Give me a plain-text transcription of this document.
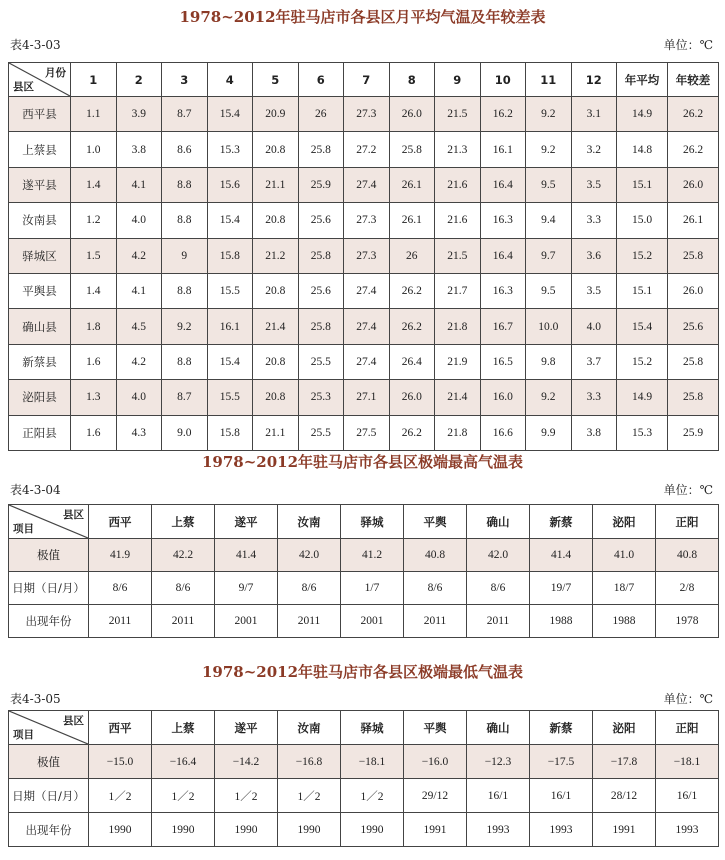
1978~2012年驻马店市各县区月平均气温及年较差表
表4-3-03	单位：℃
月份
县区	1	2	3	4	5	6	7	8	9	10	11	12	年平均	年较差
西平县	1.1	3.9	8.7	15.4	20.9	26	27.3	26.0	21.5	16.2	9.2	3.1	14.9	26.2
上蔡县	1.0	3.8	8.6	15.3	20.8	25.8	27.2	25.8	21.3	16.1	9.2	3.2	14.8	26.2
遂平县	1.4	4.1	8.8	15.6	21.1	25.9	27.4	26.1	21.6	16.4	9.5	3.5	15.1	26.0
汝南县	1.2	4.0	8.8	15.4	20.8	25.6	27.3	26.1	21.6	16.3	9.4	3.3	15.0	26.1
驿城区	1.5	4.2	9	15.8	21.2	25.8	27.3	26	21.5	16.4	9.7	3.6	15.2	25.8
平舆县	1.4	4.1	8.8	15.5	20.8	25.6	27.4	26.2	21.7	16.3	9.5	3.5	15.1	26.0
确山县	1.8	4.5	9.2	16.1	21.4	25.8	27.4	26.2	21.8	16.7	10.0	4.0	15.4	25.6
新蔡县	1.6	4.2	8.8	15.4	20.8	25.5	27.4	26.4	21.9	16.5	9.8	3.7	15.2	25.8
泌阳县	1.3	4.0	8.7	15.5	20.8	25.3	27.1	26.0	21.4	16.0	9.2	3.3	14.9	25.8
正阳县	1.6	4.3	9.0	15.8	21.1	25.5	27.5	26.2	21.8	16.6	9.9	3.8	15.3	25.9
1978~2012年驻马店市各县区极端最高气温表
表4-3-04	单位：℃
县区
项目	西平	上蔡	遂平	汝南	驿城	平舆	确山	新蔡	泌阳	正阳
极值	41.9	42.2	41.4	42.0	41.2	40.8	42.0	41.4	41.0	40.8
日期（日/月）	8/6	8/6	9/7	8/6	1/7	8/6	8/6	19/7	18/7	2/8
出现年份	2011	2011	2001	2011	2001	2011	2011	1988	1988	1978
1978~2012年驻马店市各县区极端最低气温表
表4-3-05	单位：℃
县区
项目	西平	上蔡	遂平	汝南	驿城	平舆	确山	新蔡	泌阳	正阳
极值	−15.0	−16.4	−14.2	−16.8	−18.1	−16.0	−12.3	−17.5	−17.8	−18.1
日期（日/月）	1／2	1／2	1／2	1／2	1／2	29/12	16/1	16/1	28/12	16/1
出现年份	1990	1990	1990	1990	1990	1991	1993	1993	1991	1993
